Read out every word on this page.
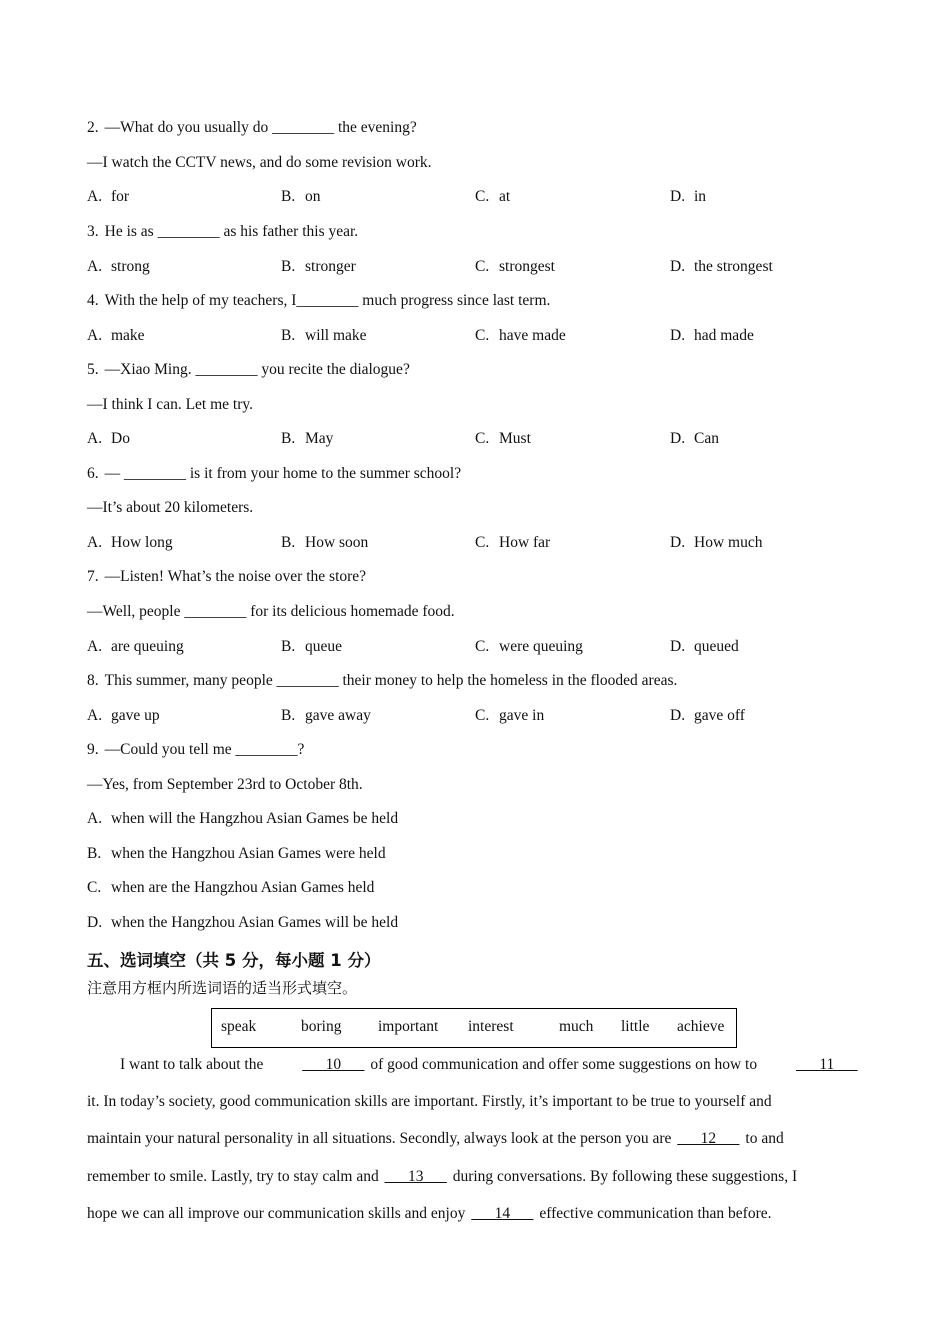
2. —What do you usually do ________ the evening?
—I watch the CCTV news, and do some revision work.
A. for	B. on	C. at	D. in
3. He is as ________ as his father this year.
A. strong	B. stronger	C. strongest	D. the strongest
4. With the help of my teachers, I________ much progress since last term.
A. make	B. will make	C. have made	D. had made
5. —Xiao Ming. ________ you recite the dialogue?
—I think I can. Let me try.
A. Do	B. May	C. Must	D. Can
6. — ________ is it from your home to the summer school?
—It’s about 20 kilometers.
A. How long	B. How soon	C. How far	D. How much
7. —Listen! What’s the noise over the store?
—Well, people ________ for its delicious homemade food.
A. are queuing	B. queue	C. were queuing	D. queued
8. This summer, many people ________ their money to help the homeless in the flooded areas.
A. gave up	B. gave away	C. gave in	D. gave off
9. —Could you tell me ________?
—Yes, from September 23rd to October 8th.
A. when will the Hangzhou Asian Games be held
B. when the Hangzhou Asian Games were held
C. when are the Hangzhou Asian Games held
D. when the Hangzhou Asian Games will be held
五、选词填空（共 5 分，每小题 1 分）
注意用方框内所选词语的适当形式填空。
speak	boring important interest	much little achieve
I want to talk about the	___10___ of good communication and offer some suggestions on how to	___11___
it. In today’s society, good communication skills are important. Firstly, it’s important to be true to yourself and
maintain your natural personality in all situations. Secondly, always look at the person you are ___12___ to and
remember to smile. Lastly, try to stay calm and ___13___ during conversations. By following these suggestions, I
hope we can all improve our communication skills and enjoy ___14___ effective communication than before.
